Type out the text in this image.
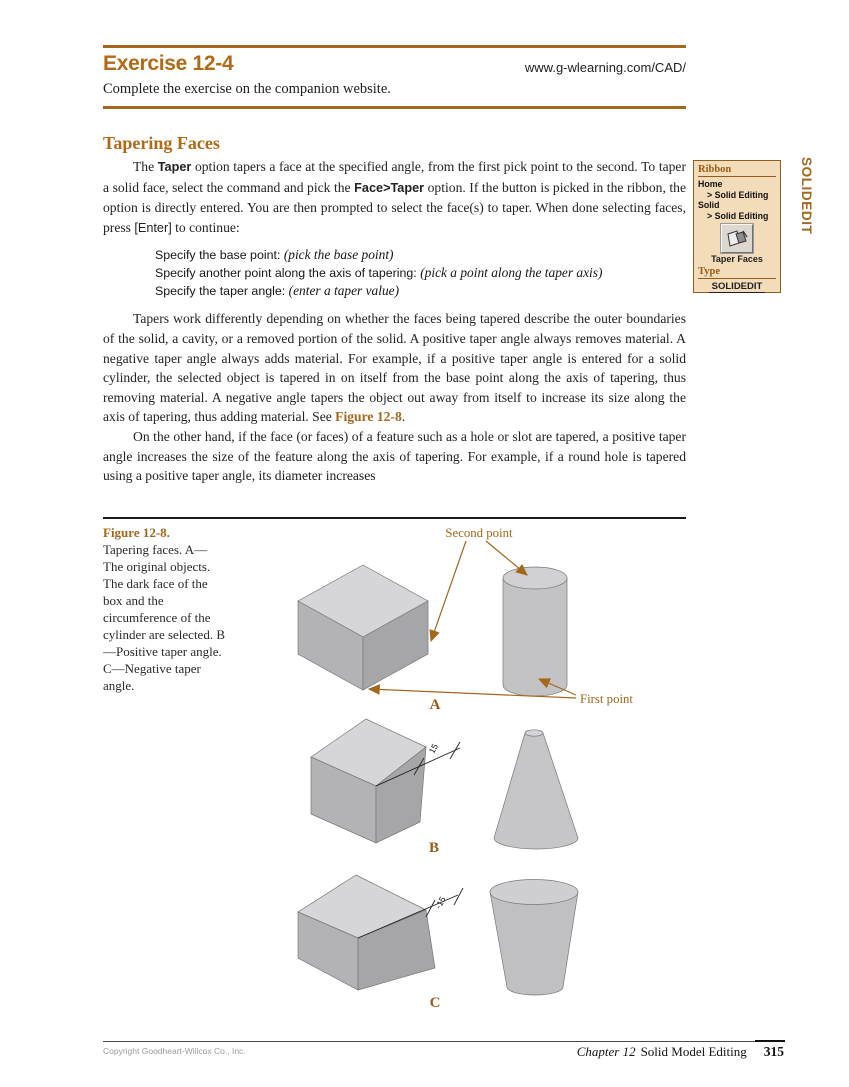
Exercise 12-4	www.g-wlearning.com/CAD/
Complete the exercise on the companion website.
Tapering Faces

The Taper option tapers a face at the specified angle, from the first pick point to the second. To taper a solid face, select the command and pick the Face>Taper option. If the button is picked in the ribbon, the option is directly entered. You are then prompted to select the face(s) to taper. When done selecting faces, press [Enter] to continue:

Specify the base point: (pick the base point)
Specify another point along the axis of tapering: (pick a point along the taper axis)
Specify the taper angle: (enter a taper value)

Tapers work differently depending on whether the faces being tapered describe the outer boundaries of the solid, a cavity, or a removed portion of the solid. A positive taper angle always removes material. A negative taper angle always adds material. For example, if a positive taper angle is entered for a solid cylinder, the selected object is tapered in on itself from the base point along the axis of tapering, thus removing material. A negative angle tapers the object out away from itself to increase its size along the axis of tapering, thus adding material. See Figure 12-8.

On the other hand, if the face (or faces) of a feature such as a hole or slot are tapered, a positive taper angle increases the size of the feature along the axis of tapering. For example, if a round hole is tapered using a positive taper angle, its diameter increases

Figure 12-8.
Tapering faces. A—The original objects. The dark face of the box and the circumference of the cylinder are selected. B—Positive taper angle. C—Negative taper angle.
Second point
First point
A
15
B
-15
C
Ribbon
Home
> Solid Editing
Solid
> Solid Editing
Taper Faces
Type
SOLIDEDIT
SOLIDEDIT
Copyright Goodheart-Willcox Co., Inc.	Chapter 12 Solid Model Editing 315
